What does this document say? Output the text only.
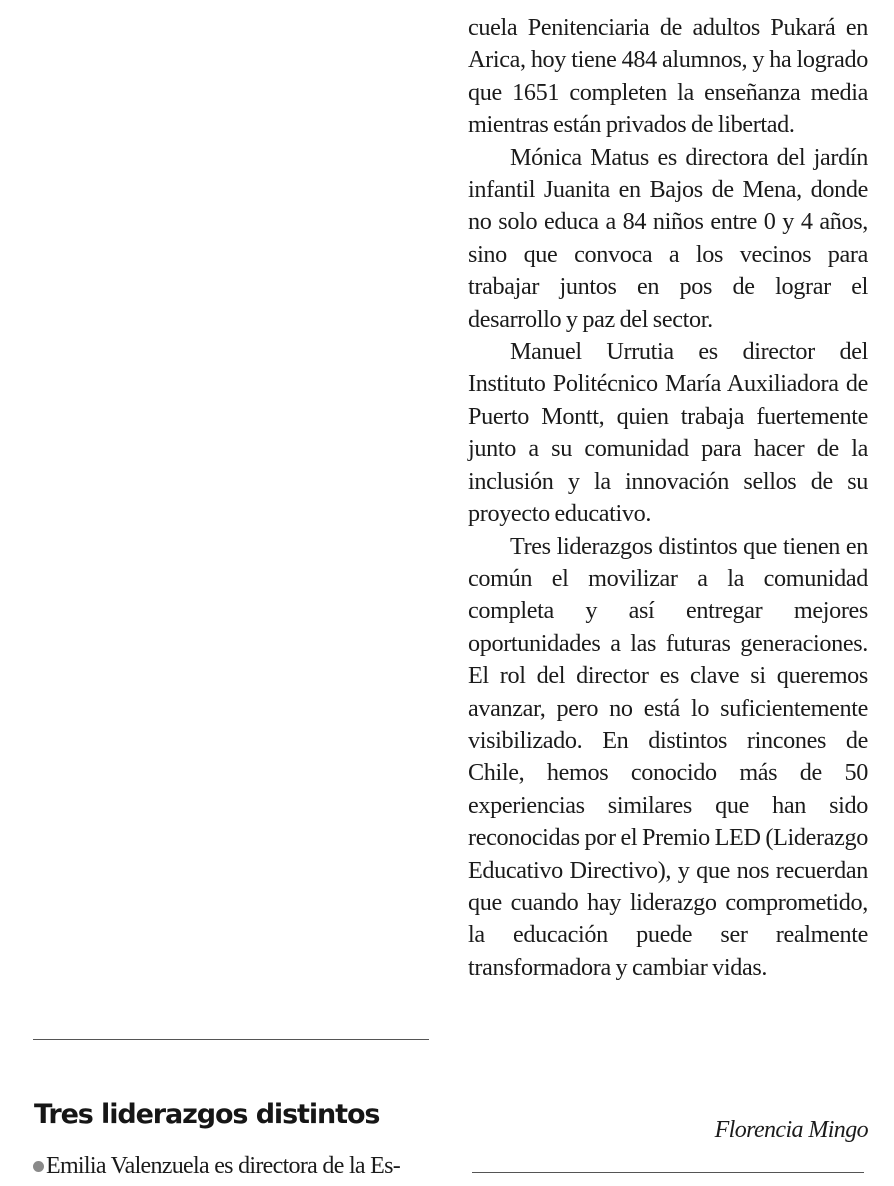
cuela Penitenciaria de adultos Pukará en Arica, hoy tiene 484 alumnos, y ha logrado que 1651 completen la enseñanza media mientras están privados de libertad.

Mónica Matus es directora del jardín infantil Juanita en Bajos de Mena, donde no solo educa a 84 niños entre 0 y 4 años, sino que convoca a los vecinos para trabajar juntos en pos de lograr el desarrollo y paz del sector.

Manuel Urrutia es director del Instituto Politécnico María Auxiliadora de Puerto Montt, quien trabaja fuertemente junto a su comunidad para hacer de la inclusión y la innovación sellos de su proyecto educativo.

Tres liderazgos distintos que tienen en común el movilizar a la comunidad completa y así entregar mejores oportunidades a las futuras generaciones. El rol del director es clave si queremos avanzar, pero no está lo suficientemente visibilizado. En distintos rincones de Chile, hemos conocido más de 50 experiencias similares que han sido reconocidas por el Premio LED (Liderazgo Educativo Directivo), y que nos recuerdan que cuando hay liderazgo comprometido, la educación puede ser realmente transformadora y cambiar vidas.

Florencia Mingo
Tres liderazgos distintos

Emilia Valenzuela es directora de la Es-
